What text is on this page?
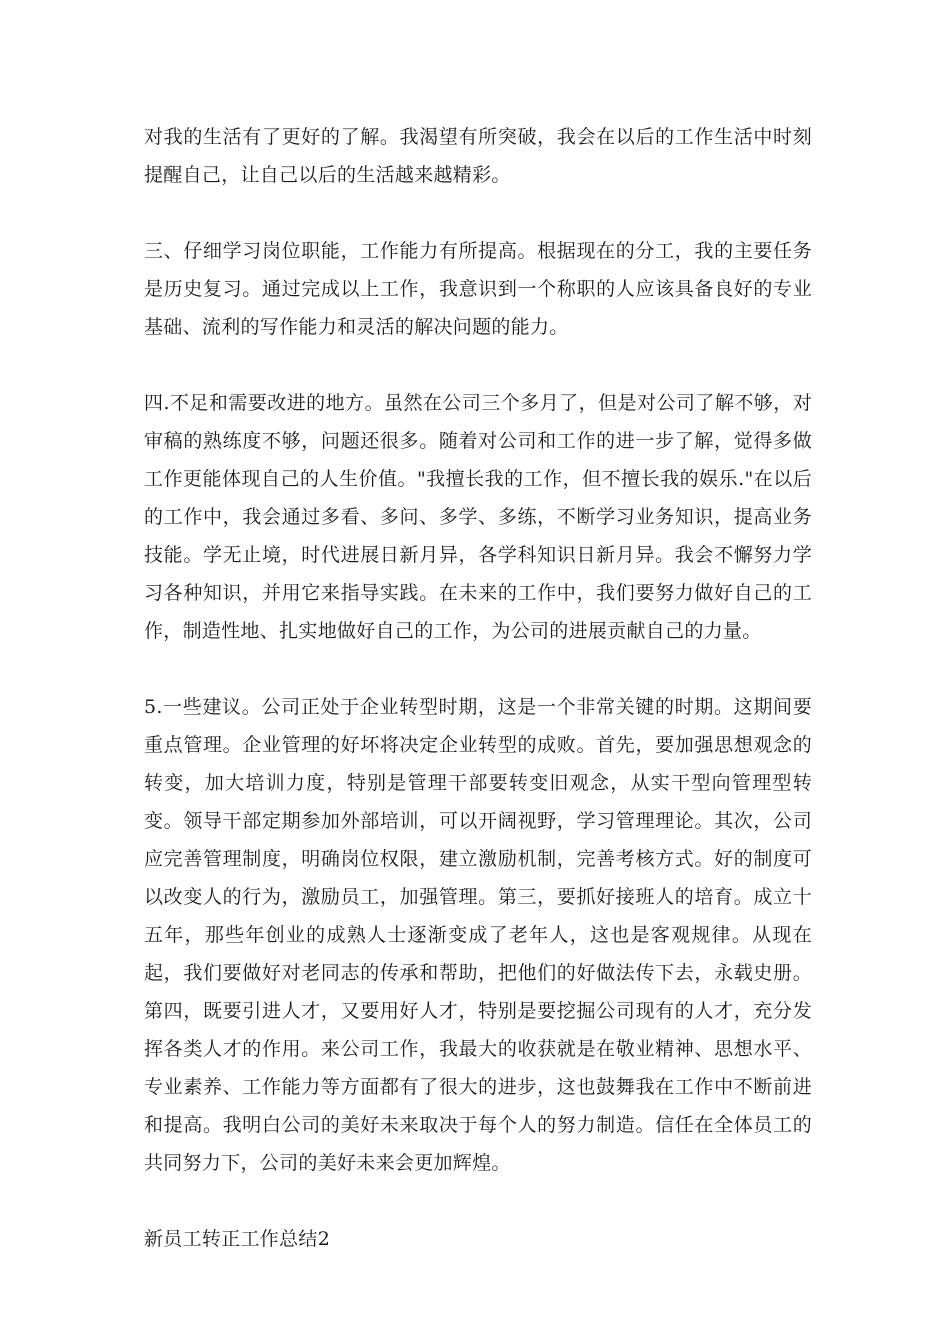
对我的生活有了更好的了解。我渴望有所突破，我会在以后的工作生活中时刻提醒自己，让自己以后的生活越来越精彩。

三、仔细学习岗位职能，工作能力有所提高。根据现在的分工，我的主要任务是历史复习。通过完成以上工作，我意识到一个称职的人应该具备良好的专业基础、流利的写作能力和灵活的解决问题的能力。

四.不足和需要改进的地方。虽然在公司三个多月了，但是对公司了解不够，对审稿的熟练度不够，问题还很多。随着对公司和工作的进一步了解，觉得多做工作更能体现自己的人生价值。"我擅长我的工作，但不擅长我的娱乐."在以后的工作中，我会通过多看、多问、多学、多练，不断学习业务知识，提高业务技能。学无止境，时代进展日新月异，各学科知识日新月异。我会不懈努力学习各种知识，并用它来指导实践。在未来的工作中，我们要努力做好自己的工作，制造性地、扎实地做好自己的工作，为公司的进展贡献自己的力量。

5.一些建议。公司正处于企业转型时期，这是一个非常关键的时期。这期间要重点管理。企业管理的好坏将决定企业转型的成败。首先，要加强思想观念的转变，加大培训力度，特别是管理干部要转变旧观念，从实干型向管理型转变。领导干部定期参加外部培训，可以开阔视野，学习管理理论。其次，公司应完善管理制度，明确岗位权限，建立激励机制，完善考核方式。好的制度可以改变人的行为，激励员工，加强管理。第三，要抓好接班人的培育。成立十五年，那些年创业的成熟人士逐渐变成了老年人，这也是客观规律。从现在起，我们要做好对老同志的传承和帮助，把他们的好做法传下去，永载史册。第四，既要引进人才，又要用好人才，特别是要挖掘公司现有的人才，充分发挥各类人才的作用。来公司工作，我最大的收获就是在敬业精神、思想水平、专业素养、工作能力等方面都有了很大的进步，这也鼓舞我在工作中不断前进和提高。我明白公司的美好未来取决于每个人的努力制造。信任在全体员工的共同努力下，公司的美好未来会更加辉煌。

新员工转正工作总结2
